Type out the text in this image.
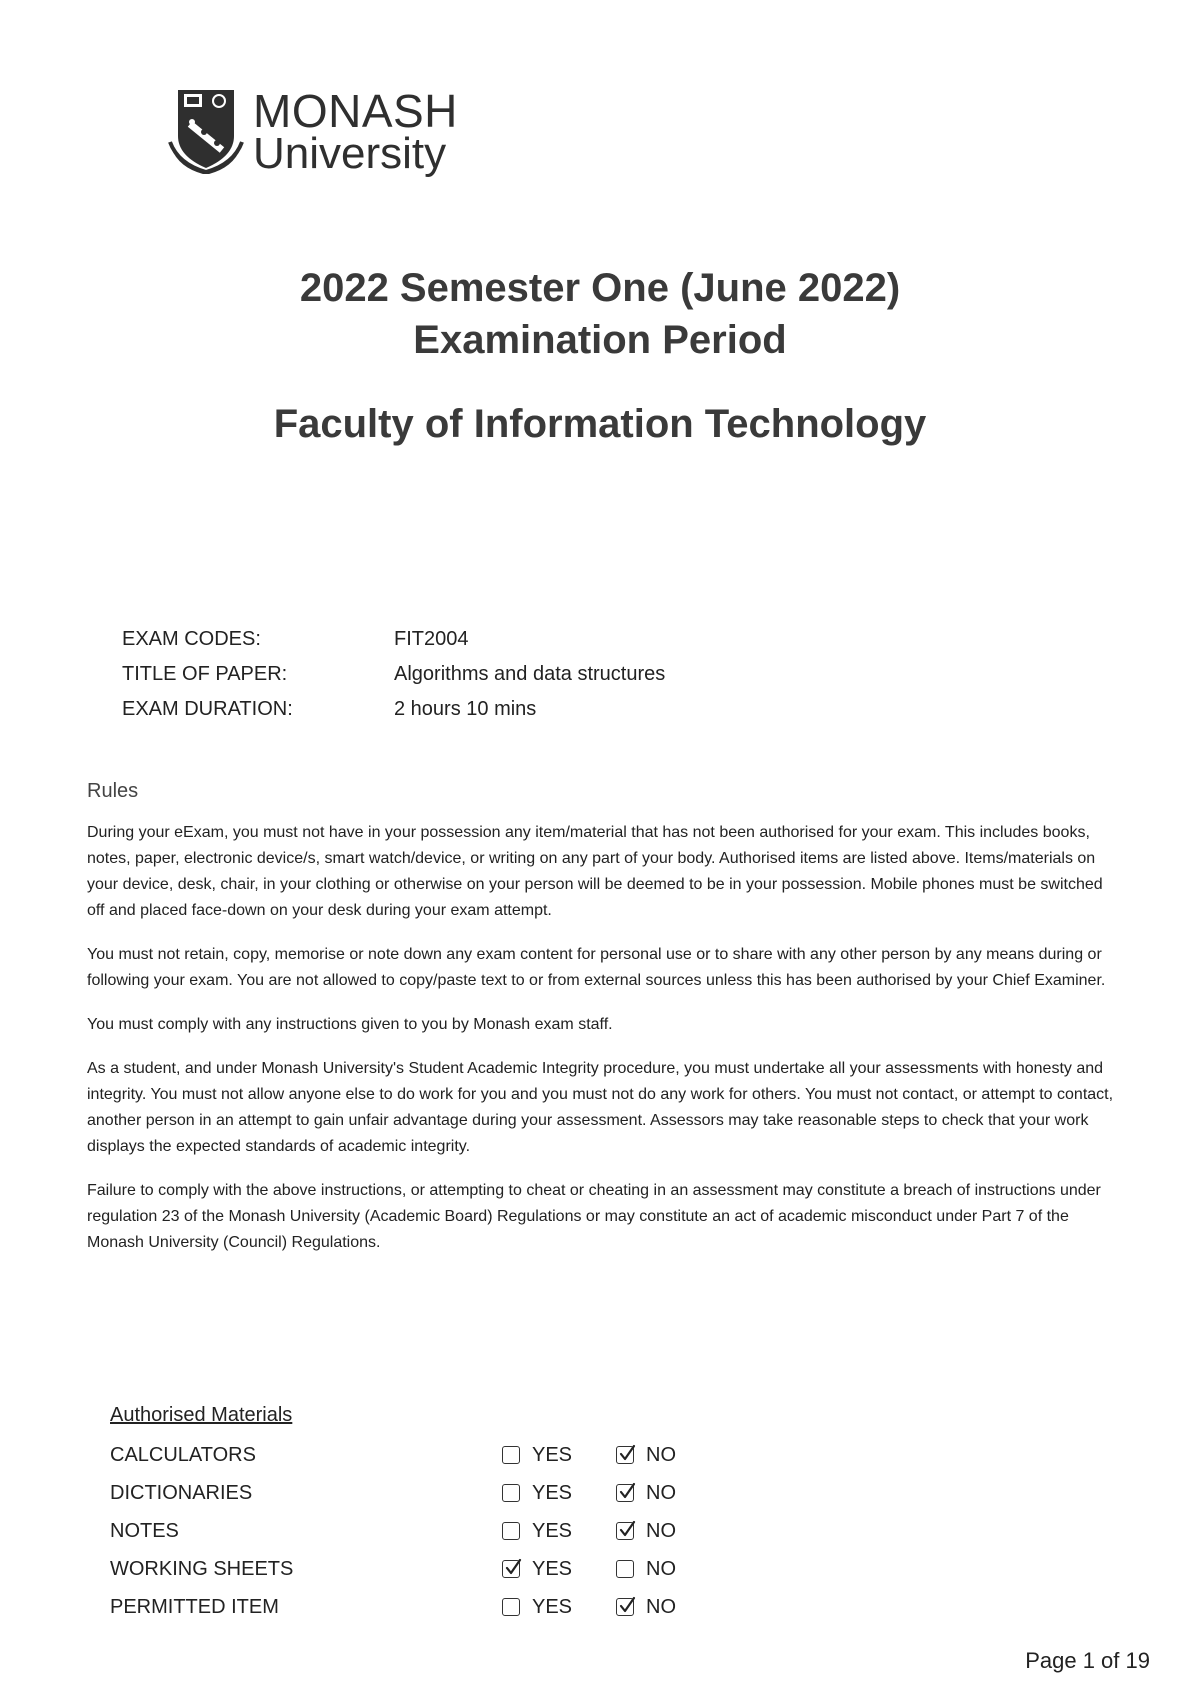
MONASH
University

2022 Semester One (June 2022)

Examination Period

Faculty of Information Technology
EXAM CODES:	FIT2004
TITLE OF PAPER:	Algorithms and data structures
EXAM DURATION:	2 hours 10 mins
Rules

During your eExam, you must not have in your possession any item/material that has not been authorised for your exam. This includes books, notes, paper, electronic device/s, smart watch/device, or writing on any part of your body. Authorised items are listed above. Items/materials on your device, desk, chair, in your clothing or otherwise on your person will be deemed to be in your possession. Mobile phones must be switched off and placed face-down on your desk during your exam attempt.

You must not retain, copy, memorise or note down any exam content for personal use or to share with any other person by any means during or following your exam. You are not allowed to copy/paste text to or from external sources unless this has been authorised by your Chief Examiner.

You must comply with any instructions given to you by Monash exam staff.

As a student, and under Monash University's Student Academic Integrity procedure, you must undertake all your assessments with honesty and integrity. You must not allow anyone else to do work for you and you must not do any work for others. You must not contact, or attempt to contact, another person in an attempt to gain unfair advantage during your assessment. Assessors may take reasonable steps to check that your work displays the expected standards of academic integrity.

Failure to comply with the above instructions, or attempting to cheat or cheating in an assessment may constitute a breach of instructions under regulation 23 of the Monash University (Academic Board) Regulations or may constitute an act of academic misconduct under Part 7 of the Monash University (Council) Regulations.

Authorised Materials
CALCULATORS	YES	NO
DICTIONARIES	YES	NO
NOTES	YES	NO
WORKING SHEETS	YES	NO
PERMITTED ITEM	YES	NO
Page 1 of 19
